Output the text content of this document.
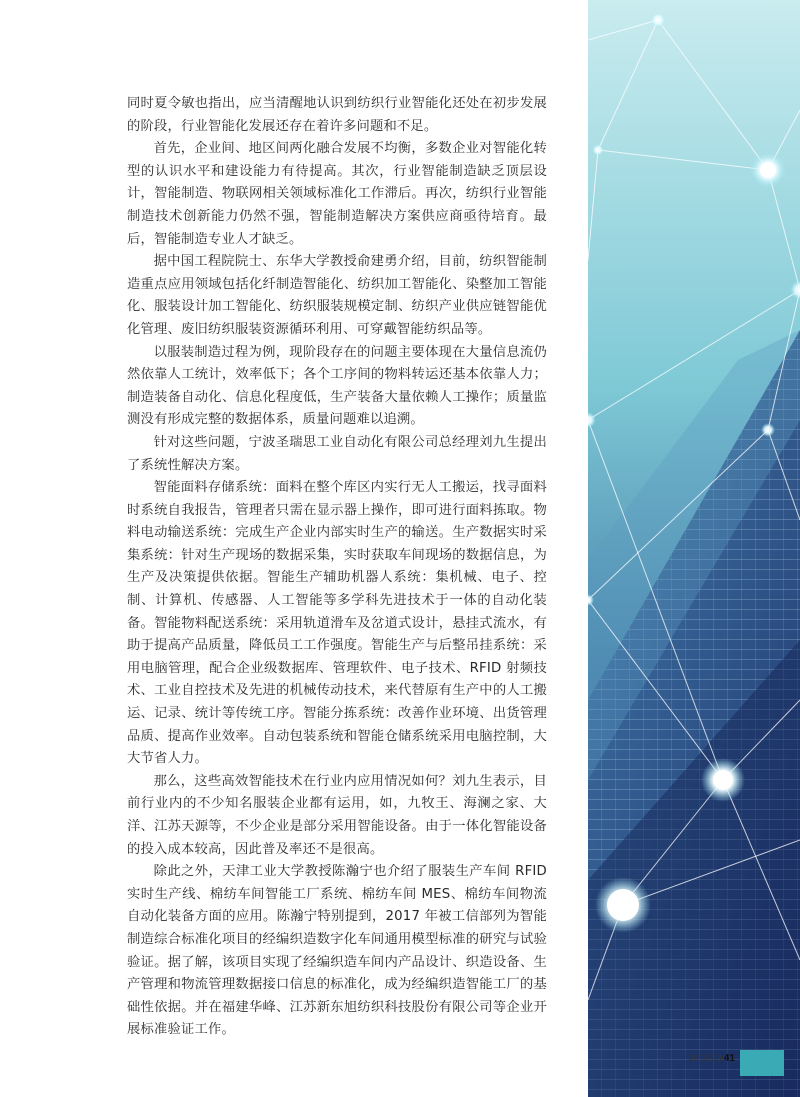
同时夏令敏也指出，应当清醒地认识到纺织行业智能化还处在初步发展的阶段，行业智能化发展还存在着许多问题和不足。

首先，企业间、地区间两化融合发展不均衡，多数企业对智能化转型的认识水平和建设能力有待提高。其次，行业智能制造缺乏顶层设计，智能制造、物联网相关领域标准化工作滞后。再次，纺织行业智能制造技术创新能力仍然不强，智能制造解决方案供应商亟待培育。最后，智能制造专业人才缺乏。

据中国工程院院士、东华大学教授俞建勇介绍，目前，纺织智能制造重点应用领域包括化纤制造智能化、纺织加工智能化、染整加工智能化、服装设计加工智能化、纺织服装规模定制、纺织产业供应链智能优化管理、废旧纺织服装资源循环利用、可穿戴智能纺织品等。

以服装制造过程为例，现阶段存在的问题主要体现在大量信息流仍然依靠人工统计，效率低下；各个工序间的物料转运还基本依靠人力；制造装备自动化、信息化程度低，生产装备大量依赖人工操作；质量监测没有形成完整的数据体系，质量问题难以追溯。

针对这些问题，宁波圣瑞思工业自动化有限公司总经理刘九生提出了系统性解决方案。

智能面料存储系统：面料在整个库区内实行无人工搬运，找寻面料时系统自我报告，管理者只需在显示器上操作，即可进行面料拣取。物料电动输送系统：完成生产企业内部实时生产的输送。生产数据实时采集系统：针对生产现场的数据采集，实时获取车间现场的数据信息，为生产及决策提供依据。智能生产辅助机器人系统：集机械、电子、控制、计算机、传感器、人工智能等多学科先进技术于一体的自动化装备。智能物料配送系统：采用轨道滑车及岔道式设计，悬挂式流水，有助于提高产品质量，降低员工工作强度。智能生产与后整吊挂系统：采用电脑管理，配合企业级数据库、管理软件、电子技术、RFID 射频技术、工业自控技术及先进的机械传动技术，来代替原有生产中的人工搬运、记录、统计等传统工序。智能分拣系统：改善作业环境、出货管理品质、提高作业效率。自动包装系统和智能仓储系统采用电脑控制，大大节省人力。

那么，这些高效智能技术在行业内应用情况如何？刘九生表示，目前行业内的不少知名服装企业都有运用，如，九牧王、海澜之家、大洋、江苏天源等，不少企业是部分采用智能设备。由于一体化智能设备的投入成本较高，因此普及率还不是很高。

除此之外，天津工业大学教授陈瀚宁也介绍了服装生产车间 RFID 实时生产线、棉纺车间智能工厂系统、棉纺车间 MES、棉纺车间物流自动化装备方面的应用。陈瀚宁特别提到，2017 年被工信部列为智能制造综合标准化项目的经编织造数字化车间通用模型标准的研究与试验验证。据了解，该项目实现了经编织造车间内产品设计、织造设备、生产管理和物流管理数据接口信息的标准化，成为经编织造智能工厂的基础性依据。并在福建华峰、江苏新东旭纺织科技股份有限公司等企业开展标准验证工作。

2018.03/41
